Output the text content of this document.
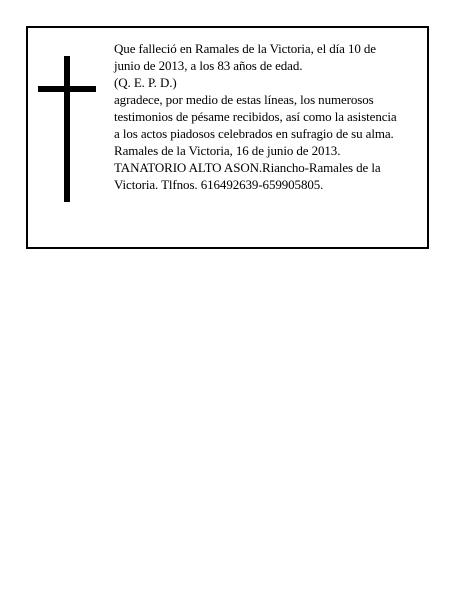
Que falleció en Ramales de la Victoria, el día 10 de
junio de 2013, a los 83 años de edad.
(Q. E. P. D.)
agradece, por medio de estas líneas, los numerosos
testimonios de pésame recibidos, así como la asistencia
a los actos piadosos celebrados en sufragio de su alma.
Ramales de la Victoria, 16 de junio de 2013.
TANATORIO ALTO ASON.Riancho-Ramales de la
Victoria. Tlfnos. 616492639-659905805.
